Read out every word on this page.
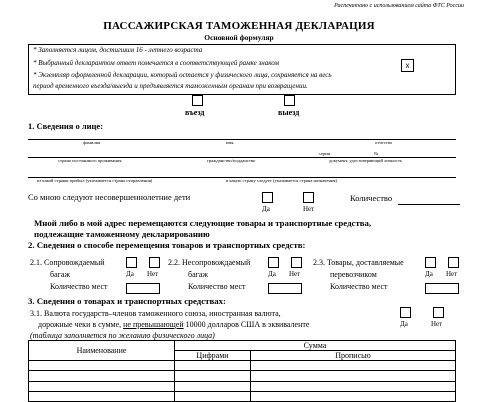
Распечатано с использованием сайта ФТС России
ПАССАЖИРСКАЯ ТАМОЖЕННАЯ ДЕКЛАРАЦИЯ
Основной формуляр
* Заполняется лицом, достигшим 16 - летнего возраста
* Выбранный декларантом ответ помечается в соответствующей рамке знаком	x
* Экземпляр оформленной декларации, который остается у физического лица, сохраняется на весь
период временного въезда/выезда и предъявляется таможенным органам при возвращении.
въезд	выезд
1. Сведения о лице:
фамилия	имя	отчество
серия	№
страна постоянного проживания	гражданство/подданство	документ, удостоверяющий личность
из какой страны прибыл (указывается страна отправления)	в какую страну следует (указывается страна назначения)
Со мною следуют несовершеннолетние дети
Да	Нет
Количество
Мной либо в мой адрес перемещаются следующие товары и транспортные средства,
подлежащие таможенному декларированию
2. Сведения о способе перемещения товаров и транспортных средств:
2.1. Сопровождаемый
багаж	Да Нет
Количество мест
2.2. Несопровождаемый
багаж	Да Нет
Количество мест
2.3. Товары, доставляемые
перевозчиком	Да Нет
Количество мест
3. Сведения о товарах и транспортных средствах:
3.1. Валюта государств–членов таможенного союза, иностранная валюта,
дорожные чеки в сумме, не превышающей 10000 долларов США в эквиваленте
(таблица заполняется по желанию физического лица)
Да	Нет
Наименование	Сумма	
	Цифрами	Прописью
